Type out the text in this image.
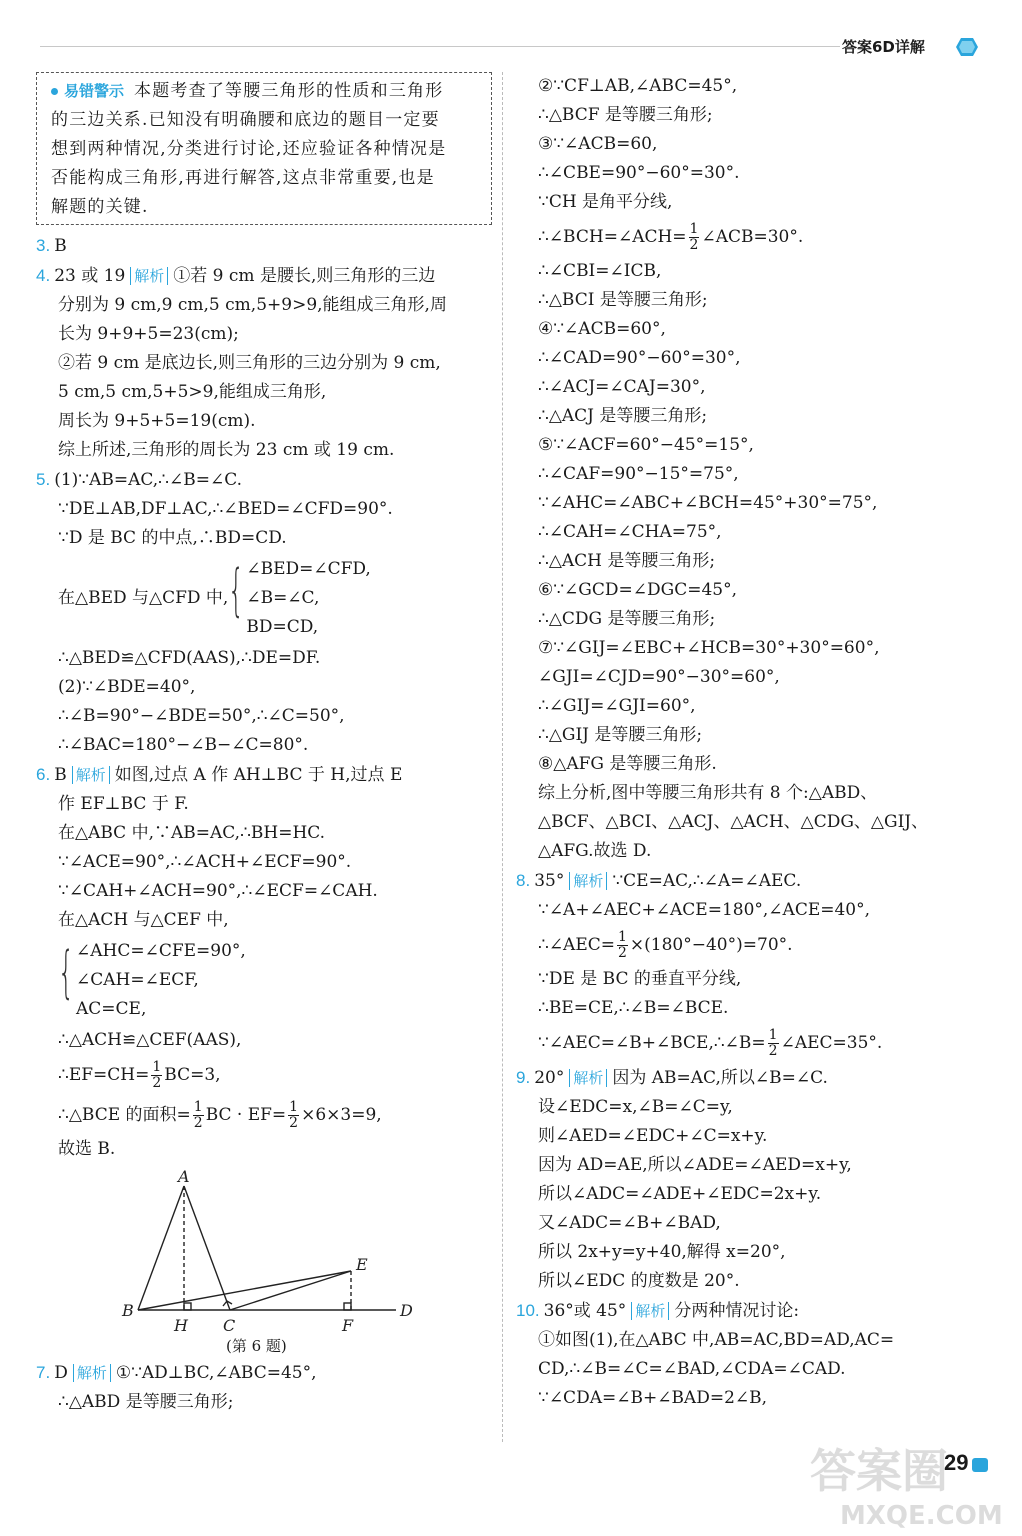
答案6D详解
易错警示 本题考查了等腰三角形的性质和三角形
的三边关系.已知没有明确腰和底边的题目一定要
想到两种情况,分类进行讨论,还应验证各种情况是
否能构成三角形,再进行解答,这点非常重要,也是
解题的关键.
3. B
4. 23 或 19 解析 ①若 9 cm 是腰长,则三角形的三边
分别为 9 cm,9 cm,5 cm,5+9>9,能组成三角形,周
长为 9+9+5=23(cm);
②若 9 cm 是底边长,则三角形的三边分别为 9 cm,
5 cm,5 cm,5+5>9,能组成三角形,
周长为 9+5+5=19(cm).
综上所述,三角形的周长为 23 cm 或 19 cm.
5. (1)∵AB=AC,∴∠B=∠C.
∵DE⊥AB,DF⊥AC,∴∠BED=∠CFD=90°.
∵D 是 BC 的中点,∴BD=CD.
在△BED 与△CFD 中, { ∠BED=∠CFD,
∠B=∠C,
BD=CD,
∴△BED≌△CFD(AAS),∴DE=DF.
(2)∵∠BDE=40°,
∴∠B=90°−∠BDE=50°,∴∠C=50°,
∴∠BAC=180°−∠B−∠C=80°.
6. B 解析 如图,过点 A 作 AH⊥BC 于 H,过点 E
作 EF⊥BC 于 F.
在△ABC 中,∵AB=AC,∴BH=HC.
∵∠ACE=90°,∴∠ACH+∠ECF=90°.
∵∠CAH+∠ACH=90°,∴∠ECF=∠CAH.
在△ACH 与△CEF 中,
{ ∠AHC=∠CFE=90°,
∠CAH=∠ECF,
AC=CE,
∴△ACH≌△CEF(AAS),
∴EF=CH= $\frac{1}{2} BC=3$,
∴△BCE 的面积= $\frac{1}{2}$ BC · $EF= \frac{1}{2} \times 6\times 3=9$,
故选 B.
A
B
H C
E
F
D
(第 6 题)
7. D 解析 ①∵AD⊥BC,∠ABC=45°,
∴△ABD 是等腰三角形;
②∵CF⊥AB,∠ABC=45°,
∴△BCF 是等腰三角形;
③∵∠ACB=60,
∴∠CBE=90°−60°=30°.
∵CH 是角平分线,
∴∠BCH=∠ACH= $\frac{1}{2}$ ∠ACB=30°.
∴∠CBI=∠ICB,
∴△BCI 是等腰三角形;
④∵∠ACB=60°,
∴∠CAD=90°−60°=30°,
∴∠ACJ=∠CAJ=30°,
∴△ACJ 是等腰三角形;
⑤∵∠ACF=60°−45°=15°,
∴∠CAF=90°−15°=75°,
∵∠AHC=∠ABC+∠BCH=45°+30°=75°,
∴∠CAH=∠CHA=75°,
∴△ACH 是等腰三角形;
⑥∵∠GCD=∠DGC=45°,
∴△CDG 是等腰三角形;
⑦∵∠GIJ=∠EBC+∠HCB=30°+30°=60°,
∠GJI=∠CJD=90°−30°=60°,
∴∠GIJ=∠GJI=60°,
∴△GIJ 是等腰三角形;
⑧△AFG 是等腰三角形.
综上分析,图中等腰三角形共有 8 个:△ABD、
△BCF、△BCI、△ACJ、△ACH、△CDG、△GIJ、
△AFG.故选 D.
8. 35° 解析 ∵CE=AC,∴∠A=∠AEC.
∵∠A+∠AEC+∠ACE=180°,∠ACE=40°,
∴∠AEC= $\frac{1}{2} \times(180^\circ-40^\circ)=70^\circ$.
∵DE 是 BC 的垂直平分线,
∴BE=CE,∴∠B=∠BCE.
∵∠AEC=∠B+∠BCE,∴∠B= $\frac{1}{2}$ ∠AEC=35°.
9. 20° 解析 因为 AB=AC,所以∠B=∠C.
设∠EDC=x,∠B=∠C=y,
则∠AED=∠EDC+∠C=x+y.
因为 AD=AE,所以∠ADE=∠AED=x+y,
所以∠ADC=∠ADE+∠EDC=2x+y.
又∠ADC=∠B+∠BAD,
所以 2x+y=y+40,解得 x=20°,
所以∠EDC 的度数是 20°.
10. 36°或 45° 解析 分两种情况讨论:
①如图(1),在△ABC 中,AB=AC,BD=AD,AC=
CD,∴∠B=∠C=∠BAD,∠CDA=∠CAD.
∵∠CDA=∠B+∠BAD=2∠B,
29
答案圈
MXQE.COM
